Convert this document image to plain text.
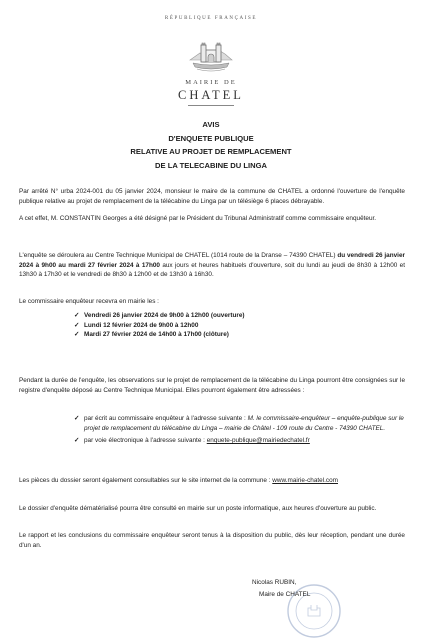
RÉPUBLIQUE FRANÇAISE
MAIRIE DE
CHATEL
AVIS
D'ENQUETE PUBLIQUE
RELATIVE AU PROJET DE REMPLACEMENT
DE LA TELECABINE DU LINGA

Par arrêté N° urba 2024-001 du 05 janvier 2024, monsieur le maire de la commune de CHATEL a ordonné l'ouverture de l'enquête publique relative au projet de remplacement de la télécabine du Linga par un télésiège 6 places débrayable.

A cet effet, M. CONSTANTIN Georges a été désigné par le Président du Tribunal Administratif comme commissaire enquêteur.

L'enquête se déroulera au Centre Technique Municipal de CHATEL (1014 route de la Dranse – 74390 CHATEL) du vendredi 26 janvier 2024 à 9h00 au mardi 27 février 2024 à 17h00 aux jours et heures habituels d'ouverture, soit du lundi au jeudi de 8h30 à 12h00 et 13h30 à 17h30 et le vendredi de 8h30 à 12h00 et de 13h30 à 16h30.

Le commissaire enquêteur recevra en mairie les :

✓ Vendredi 26 janvier 2024 de 9h00 à 12h00 (ouverture)
✓ Lundi 12 février 2024 de 9h00 à 12h00
✓ Mardi 27 février 2024 de 14h00 à 17h00 (clôture)

Pendant la durée de l'enquête, les observations sur le projet de remplacement de la télécabine du Linga pourront être consignées sur le registre d'enquête déposé au Centre Technique Municipal. Elles pourront également être adressées :

✓ par écrit au commissaire enquêteur à l'adresse suivante : M. le commissaire-enquêteur – enquête-publique sur le projet de remplacement du télécabine du Linga – mairie de Châtel - 109 route du Centre - 74390 CHATEL.
✓ par voie électronique à l'adresse suivante : enquete-publique@mairiedechatel.fr

Les pièces du dossier seront également consultables sur le site internet de la commune : www.mairie-chatel.com

Le dossier d'enquête dématérialisé pourra être consulté en mairie sur un poste informatique, aux heures d'ouverture au public.

Le rapport et les conclusions du commissaire enquêteur seront tenus à la disposition du public, dès leur réception, pendant une durée d'un an.

Nicolas RUBIN,
Maire de CHATEL
